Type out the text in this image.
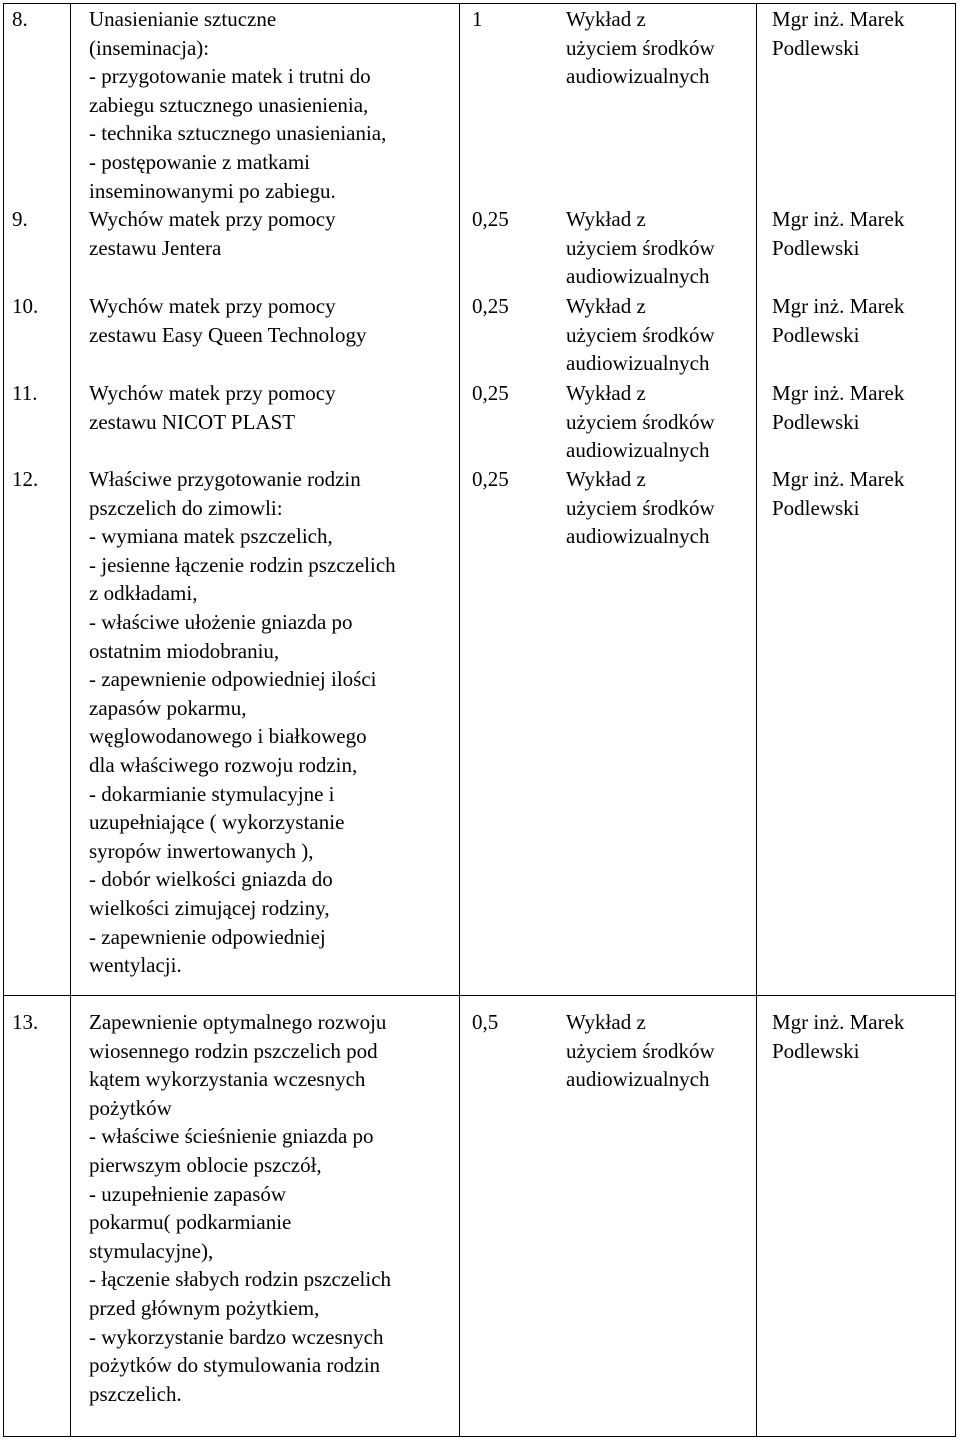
8.	Unasienianie sztuczne
(inseminacja):
- przygotowanie matek i trutni do
zabiegu sztucznego unasienienia,
- technika sztucznego unasieniania,
- postępowanie z matkami
inseminowanymi po zabiegu.
1	Wykład z
użyciem środków
audiowizualnych
Mgr inż. Marek
Podlewski
9.	Wychów matek przy pomocy
zestawu Jentera
0,25	Wykład z
użyciem środków
audiowizualnych
Mgr inż. Marek
Podlewski
10. Wychów matek przy pomocy
zestawu Easy Queen Technology
0,25	Wykład z
użyciem środków
audiowizualnych
Mgr inż. Marek
Podlewski
11. Wychów matek przy pomocy
zestawu NICOT PLAST
0,25	Wykład z
użyciem środków
audiowizualnych
Mgr inż. Marek
Podlewski
12. Właściwe przygotowanie rodzin
pszczelich do zimowli:
- wymiana matek pszczelich,
- jesienne łączenie rodzin pszczelich
z odkładami,
- właściwe ułożenie gniazda po
ostatnim miodobraniu,
- zapewnienie odpowiedniej ilości
zapasów pokarmu,
węglowodanowego i białkowego
dla właściwego rozwoju rodzin,
- dokarmianie stymulacyjne i
uzupełniające ( wykorzystanie
syropów inwertowanych ),
- dobór wielkości gniazda do
wielkości zimującej rodziny,
- zapewnienie odpowiedniej
wentylacji.
0,25	Wykład z
użyciem środków
audiowizualnych
Mgr inż. Marek
Podlewski
13. Zapewnienie optymalnego rozwoju
wiosennego rodzin pszczelich pod
kątem wykorzystania wczesnych
pożytków
- właściwe ścieśnienie gniazda po
pierwszym oblocie pszczół,
- uzupełnienie zapasów
pokarmu( podkarmianie
stymulacyjne),
- łączenie słabych rodzin pszczelich
przed głównym pożytkiem,
- wykorzystanie bardzo wczesnych
pożytków do stymulowania rodzin
pszczelich.
0,5	Wykład z
użyciem środków
audiowizualnych
Mgr inż. Marek
Podlewski
